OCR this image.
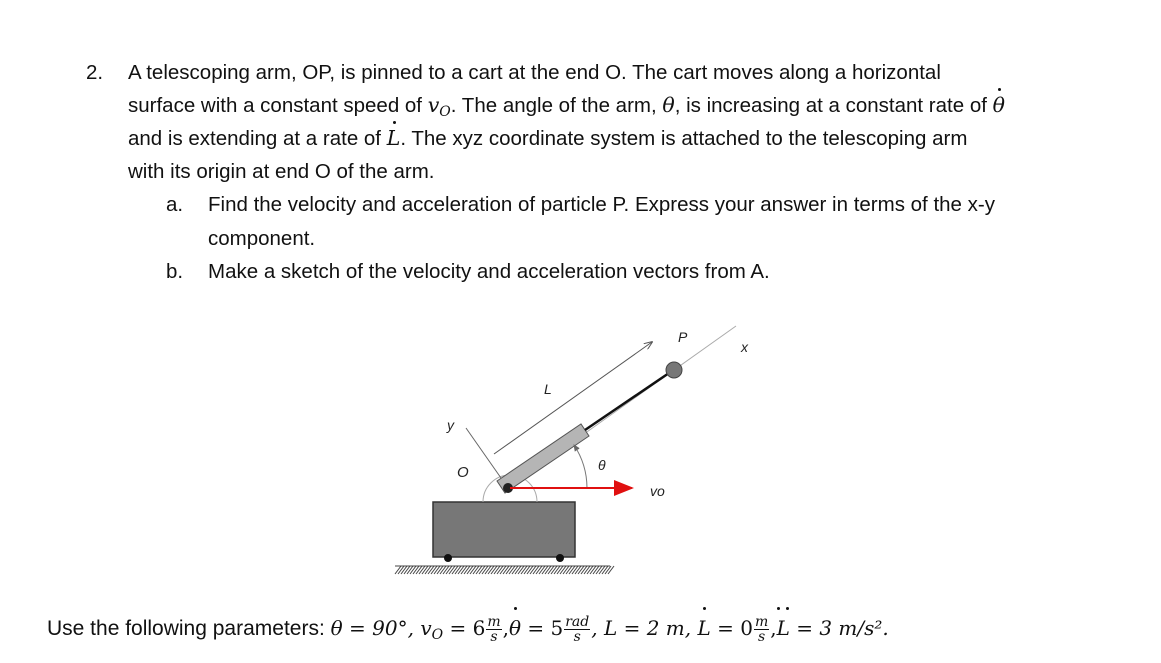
2. A telescoping arm, OP, is pinned to a cart at the end O. The cart moves along a horizontal
surface with a constant speed of $v_O$. The angle of the arm, θ, is increasing at a constant rate of θ
and is extending at a rate of L. The xyz coordinate system is attached to the telescoping arm
with its origin at end O of the arm.
a. Find the velocity and acceleration of particle P. Express your answer in terms of the x-y
component.
b. Make a sketch of the velocity and acceleration vectors from A.
P
x
y
L
O	θ
vo
Use the following parameters: θ = 90°, $v_O = 6 \frac{m}{s} ,\theta = 5 \frac{\text{rad}}{s}$ , L = 2 m, $L = 0 \frac{m}{s} ,L$
= 3 m/s².
